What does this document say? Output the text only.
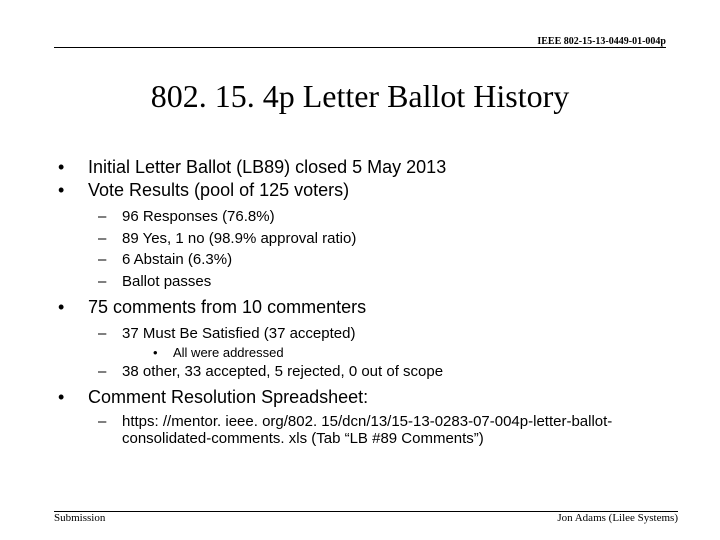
IEEE 802-15-13-0449-01-004p
802. 15. 4p Letter Ballot History
•	Initial Letter Ballot (LB89) closed 5 May 2013
•	Vote Results (pool of 125 voters)
–	96 Responses (76.8%)
–	89 Yes, 1 no (98.9% approval ratio)
–	6 Abstain (6.3%)
–	Ballot passes
•	75 comments from 10 commenters
–	37 Must Be Satisfied (37 accepted)
•	All were addressed
–	38 other, 33 accepted, 5 rejected, 0 out of scope
•	Comment Resolution Spreadsheet:
–	https: //mentor. ieee. org/802. 15/dcn/13/15-13-0283-07-004p-letter-ballot-consolidated-comments. xls (Tab “LB #89 Comments”)
Submission	Jon Adams (Lilee Systems)
